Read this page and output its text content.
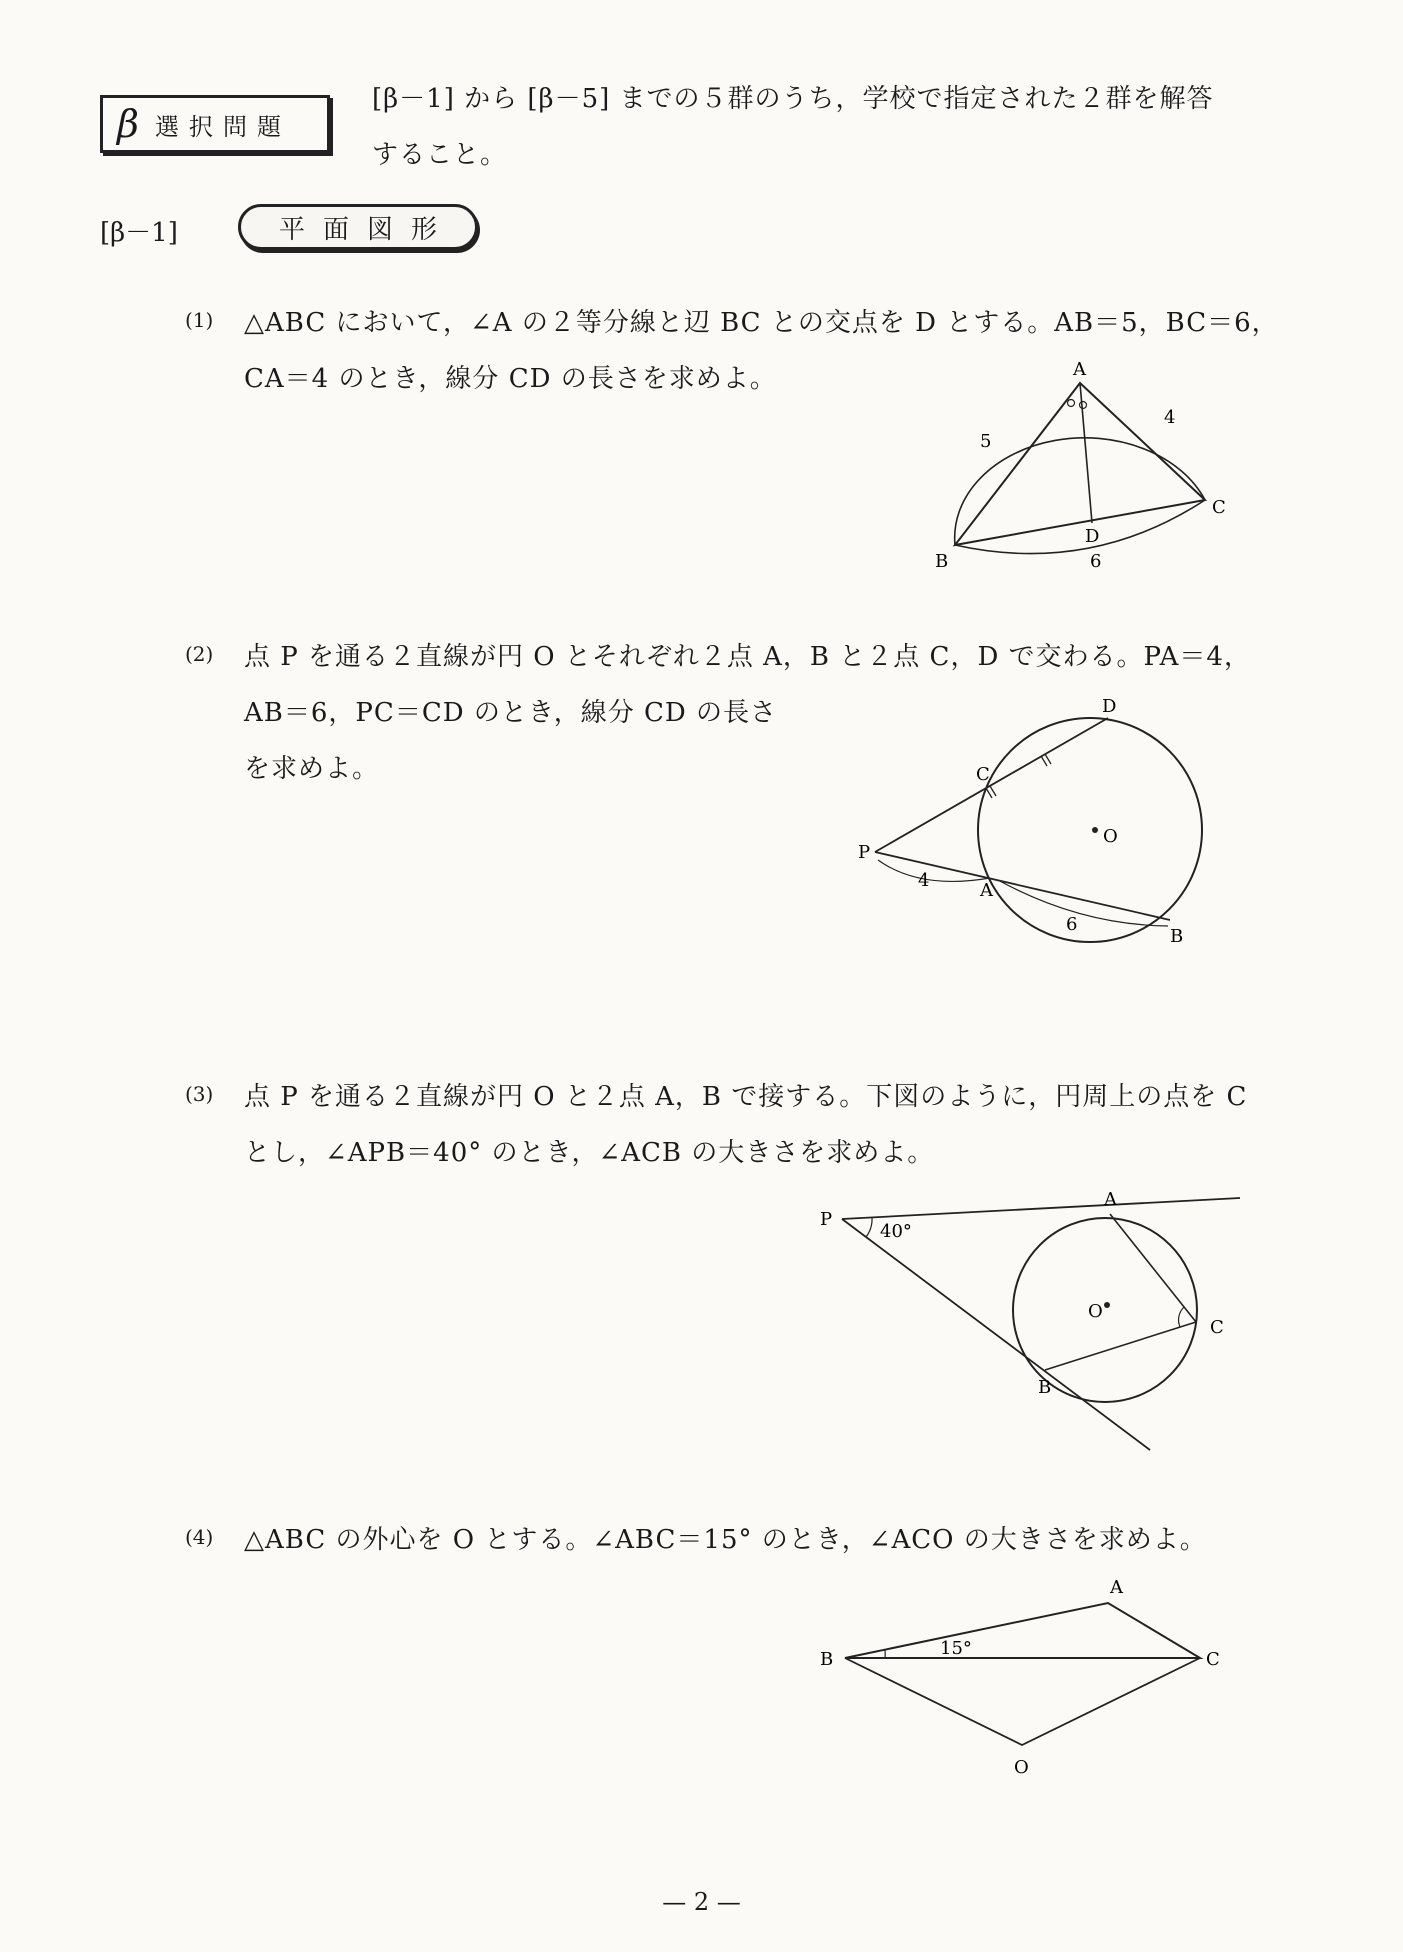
β 選択問題
[β－1] から [β－5] までの５群のうち，学校で指定された２群を解答
すること。
[β－1]	平面図形
(1) △ABC において，∠A の２等分線と辺 BC との交点を D とする。AB＝5，BC＝6，
CA＝4 のとき，線分 CD の長さを求めよ。	A
B
C
D
5
4
6
(2) 点 P を通る２直線が円 O とそれぞれ２点 A，B と２点 C，D で交わる。PA＝4，
AB＝6，PC＝CD のとき，線分 CD の長さ
を求めよ。
O
P
A
B
C
D
4
6
(3) 点 P を通る２直線が円 O と２点 A，B で接する。下図のように，円周上の点を C
とし，∠APB＝40° のとき，∠ACB の大きさを求めよ。
O
P
A
B
C
40°
(4) △ABC の外心を O とする。∠ABC＝15° のとき，∠ACO の大きさを求めよ。
B
A
C
O
15°
— 2 —
